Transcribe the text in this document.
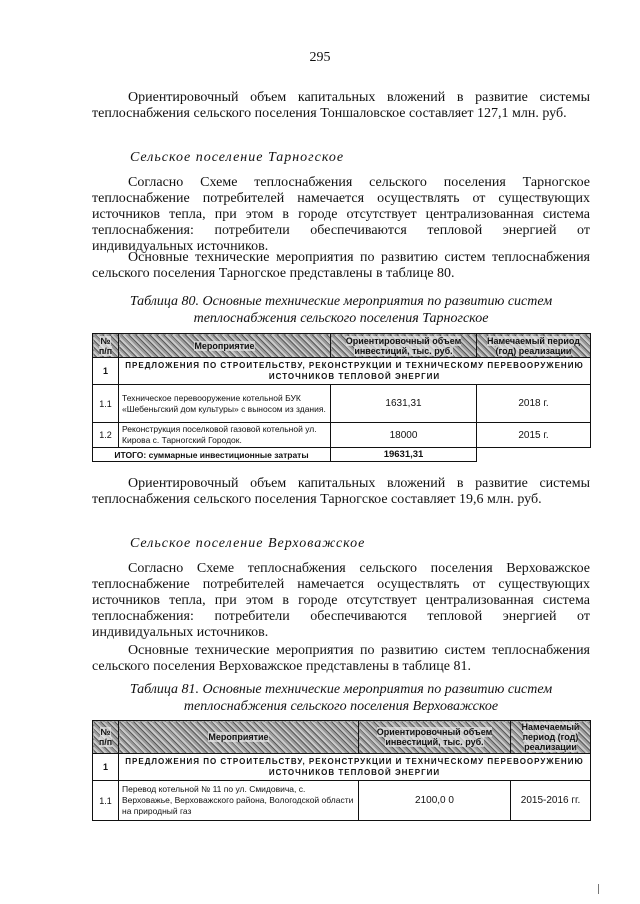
295

Ориентировочный объем капитальных вложений в развитие системы теплоснабжения сельского поселения Тоншаловское составляет 127,1 млн. руб.

Сельское поселение Тарногское

Согласно Схеме теплоснабжения сельского поселения Тарногское теплоснабжение потребителей намечается осуществлять от существующих источников тепла, при этом в городе отсутствует централизованная система теплоснабжения: потребители обеспечиваются тепловой энергией от индивидуальных источников.

Основные технические мероприятия по развитию систем теплоснабжения сельского поселения Тарногское представлены в таблице 80.

Таблица 80. Основные технические мероприятия по развитию систем
теплоснабжения сельского поселения Тарногское

№ п/п	Мероприятие	Ориентировочный объем инвестиций, тыс. руб.	Намечаемый период (год) реализации
1	ПРЕДЛОЖЕНИЯ ПО СТРОИТЕЛЬСТВУ, РЕКОНСТРУКЦИИ И ТЕХНИЧЕСКОМУ ПЕРЕВООРУЖЕНИЮ ИСТОЧНИКОВ ТЕПЛОВОЙ ЭНЕРГИИ		
1.1	Техническое перевооружение котельной БУК «Шебеньгский дом культуры» с выносом из здания.	1631,31	2018 г.
1.2	Реконструкция поселковой газовой котельной ул. Кирова с. Тарногский Городок.	18000	2015 г.
ИТОГО: суммарные инвестиционные затраты		19631,31	

Ориентировочный объем капитальных вложений в развитие системы теплоснабжения сельского поселения Тарногское составляет 19,6 млн. руб.

Сельское поселение Верховажское

Согласно Схеме теплоснабжения сельского поселения Верховажское теплоснабжение потребителей намечается осуществлять от существующих источников тепла, при этом в городе отсутствует централизованная система теплоснабжения: потребители обеспечиваются тепловой энергией от индивидуальных источников.

Основные технические мероприятия по развитию систем теплоснабжения сельского поселения Верховажское представлены в таблице 81.

Таблица 81. Основные технические мероприятия по развитию систем
теплоснабжения сельского поселения Верховажское

№ п/п	Мероприятие	Ориентировочный объем инвестиций, тыс. руб.	Намечаемый период (год) реализации
1	ПРЕДЛОЖЕНИЯ ПО СТРОИТЕЛЬСТВУ, РЕКОНСТРУКЦИИ И ТЕХНИЧЕСКОМУ ПЕРЕВООРУЖЕНИЮ ИСТОЧНИКОВ ТЕПЛОВОЙ ЭНЕРГИИ		
1.1	Перевод котельной № 11 по ул. Смидовича, с. Верховажье, Верховажского района, Вологодской области на природный газ	2100,0 0	2015-2016 гг.
